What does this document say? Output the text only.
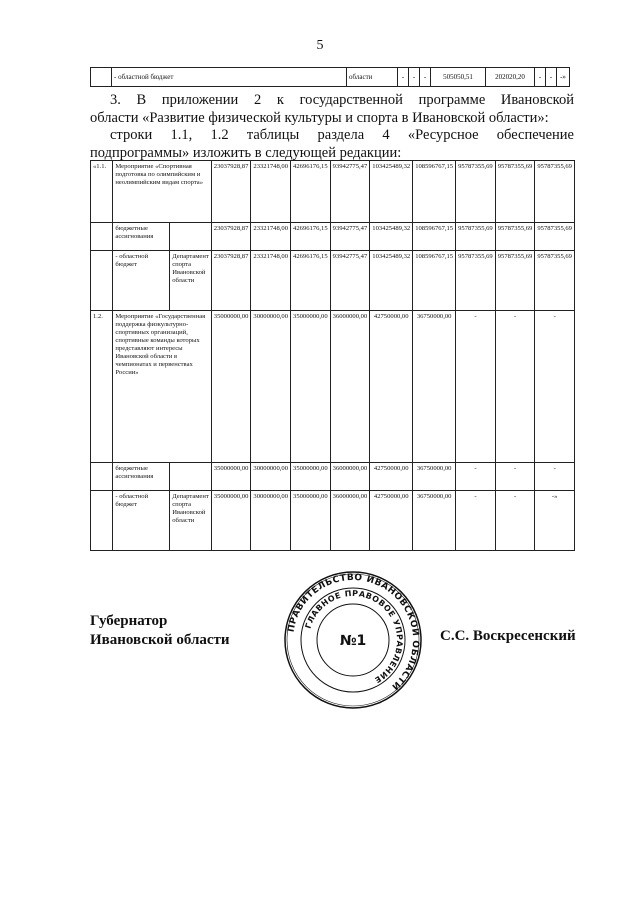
5
	- областной бюджет	области	-	-	-	505050,51	202020,20	-	-	-»
3. В приложении 2 к государственной программе Ивановской
области «Развитие физической культуры и спорта в Ивановской области»:
строки 1.1, 1.2 таблицы раздела 4 «Ресурсное обеспечение
подпрограммы» изложить в следующей редакции:
«1.1.	Мероприятие «Спортивная подготовка по олимпийским и неолимпийским видам спорта»		23037928,87	23321748,00	42696176,15	93942775,47	103425489,32	108596767,15	95787355,69	95787355,69	95787355,69
	бюджетные ассигнования		23037928,87	23321748,00	42696176,15	93942775,47	103425489,32	108596767,15	95787355,69	95787355,69	95787355,69
	- областной бюджет	Департамент спорта Ивановской области	23037928,87	23321748,00	42696176,15	93942775,47	103425489,32	108596767,15	95787355,69	95787355,69	95787355,69
1.2.	Мероприятие «Государственная поддержка физкультурно-спортивных организаций, спортивные команды которых представляют интересы Ивановской области в чемпионатах и первенствах России»		35000000,00	30000000,00	35000000,00	36000000,00	42750000,00	36750000,00	-	-	-
	бюджетные ассигнования		35000000,00	30000000,00	35000000,00	36000000,00	42750000,00	36750000,00	-	-	-
	- областной бюджет	Департамент спорта Ивановской области	35000000,00	30000000,00	35000000,00	36000000,00	42750000,00	36750000,00	-	-	-»
Губернатор
Ивановской области
ПРАВИТЕЛЬСТВО ИВАНОВСКОЙ ОБЛАСТИ
ГЛАВНОЕ ПРАВОВОЕ УПРАВЛЕНИЕ
№1	С.С. Воскресенский
